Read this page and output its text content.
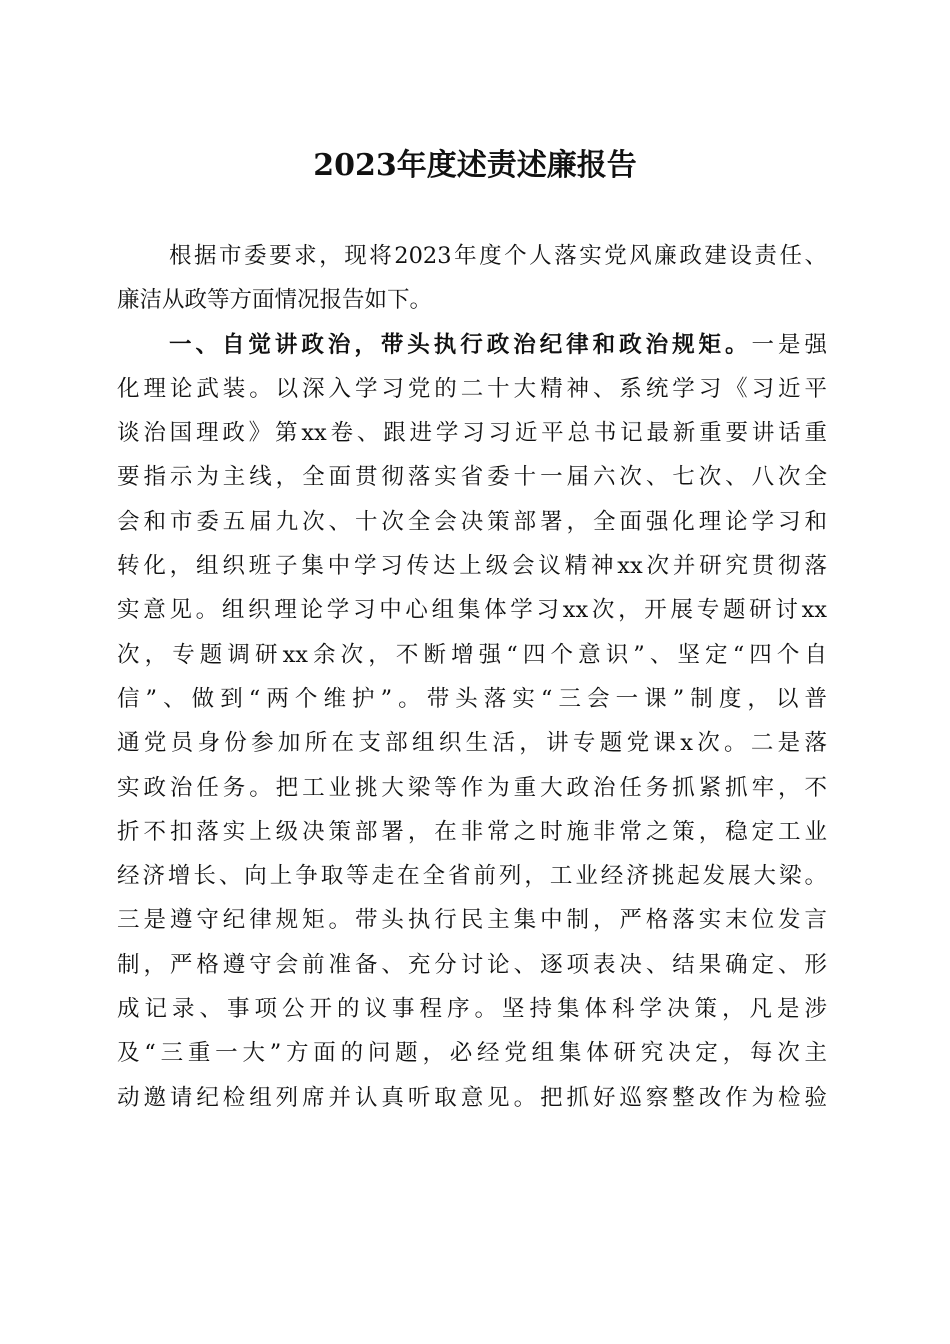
2023年度述责述廉报告
根据市委要求，现将2023年度个人落实党风廉政建设责任、
廉洁从政等方面情况报告如下。
一、自觉讲政治，带头执行政治纪律和政治规矩。一是强
化理论武装。以深入学习党的二十大精神、系统学习《习近平
谈治国理政》第xx卷、跟进学习习近平总书记最新重要讲话重
要指示为主线，全面贯彻落实省委十一届六次、七次、八次全
会和市委五届九次、十次全会决策部署，全面强化理论学习和
转化，组织班子集中学习传达上级会议精神xx次并研究贯彻落
实意见。组织理论学习中心组集体学习xx次，开展专题研讨xx
次，专题调研xx余次，不断增强“四个意识”、坚定“四个自
信”、做到“两个维护”。带头落实“三会一课”制度，以普
通党员身份参加所在支部组织生活，讲专题党课x次。二是落
实政治任务。把工业挑大梁等作为重大政治任务抓紧抓牢，不
折不扣落实上级决策部署，在非常之时施非常之策，稳定工业
经济增长、向上争取等走在全省前列，工业经济挑起发展大梁。
三是遵守纪律规矩。带头执行民主集中制，严格落实末位发言
制，严格遵守会前准备、充分讨论、逐项表决、结果确定、形
成记录、事项公开的议事程序。坚持集体科学决策，凡是涉
及“三重一大”方面的问题，必经党组集体研究决定，每次主
动邀请纪检组列席并认真听取意见。把抓好巡察整改作为检验
